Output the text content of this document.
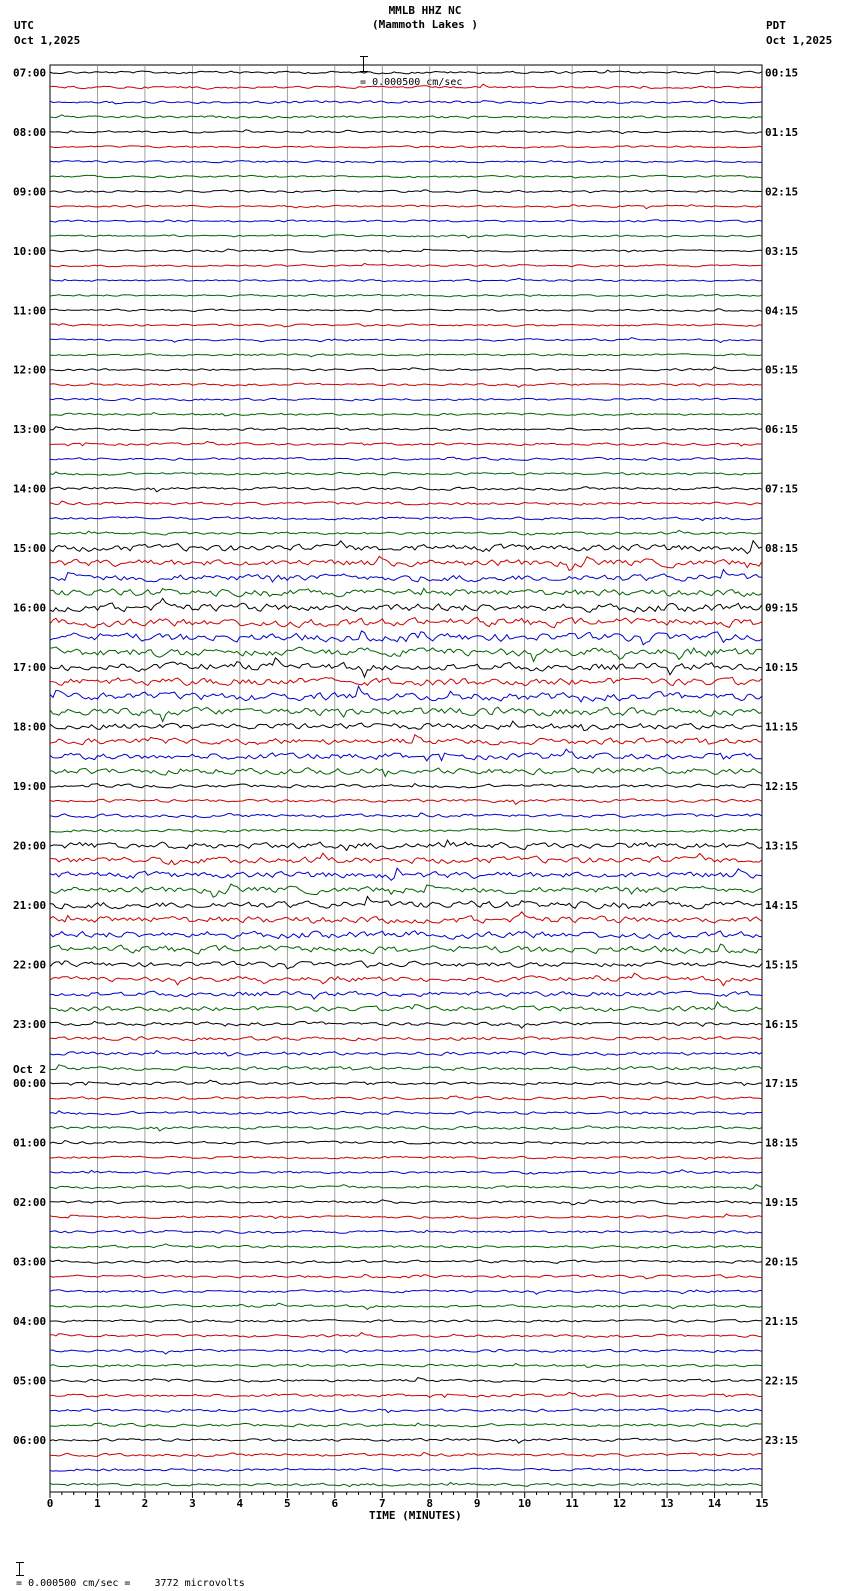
MMLB HHZ NC
(Mammoth Lakes )

= 0.000500 cm/sec

UTC
Oct 1,2025
PDT
Oct 1,2025
0	1	2	3	4	5	6	7	8	9	10	11	12	13	14	15
07:00	00:15
08:00	01:15
09:00	02:15
10:00	03:15
11:00	04:15
12:00	05:15
13:00	06:15
14:00	07:15
15:00	08:15
16:00	09:15
17:00	10:15
18:00	11:15
19:00	12:15
20:00	13:15
21:00	14:15
22:00	15:15
23:00	16:15
00:00	17:15
01:00	18:15
02:00	19:15
03:00	20:15
04:00	21:15
05:00	22:15
06:00	23:15
Oct 2
TIME (MINUTES)

= 0.000500 cm/sec =    3772 microvolts
